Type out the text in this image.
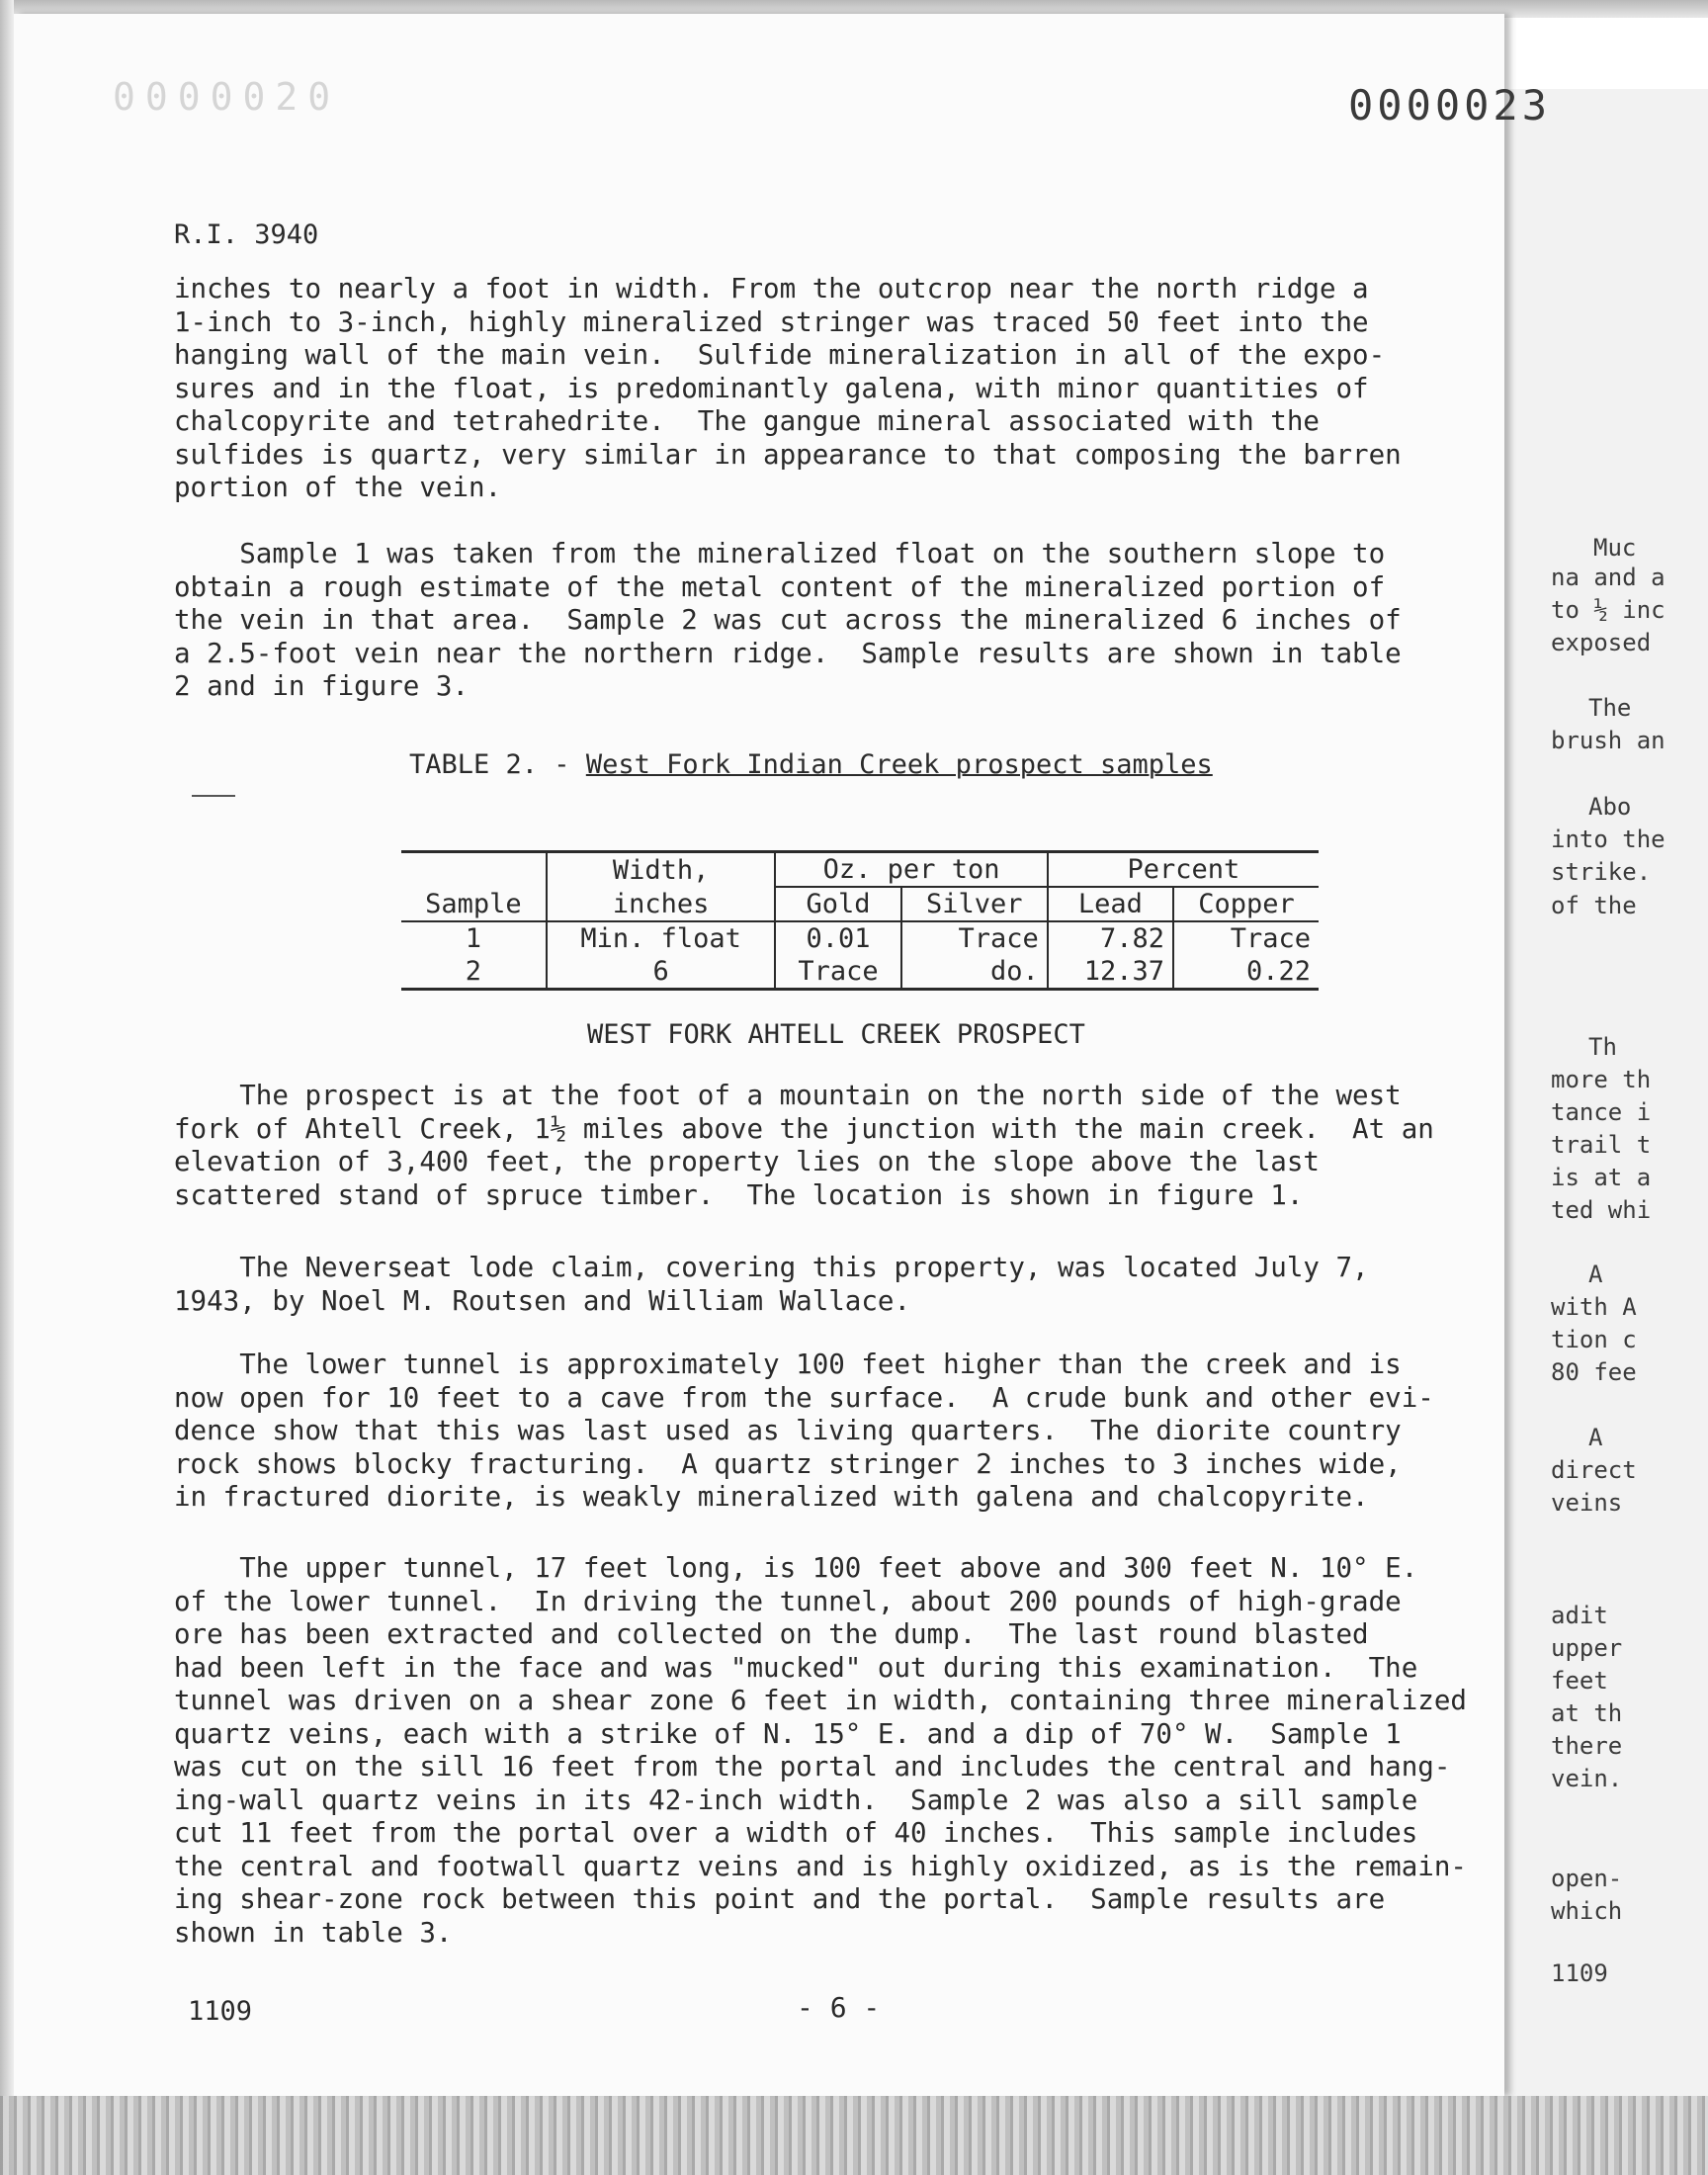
Muc
na and a
to ½ inc
exposed
The
brush an
Abo
into the
strike.
of the
Th
more th
tance i
trail t
is at a
ted whi
A
with A
tion c
80 fee
A
direct
veins
adit
upper
feet
at th
there
vein.
open-
which
1109
0000020	0000023
R.I. 3940

inches to nearly a foot in width. From the outcrop near the north ridge a

1-inch to 3-inch, highly mineralized stringer was traced 50 feet into the

hanging wall of the main vein.  Sulfide mineralization in all of the expo-

sures and in the float, is predominantly galena, with minor quantities of

chalcopyrite and tetrahedrite.  The gangue mineral associated with the

sulfides is quartz, very similar in appearance to that composing the barren

portion of the vein.

Sample 1 was taken from the mineralized float on the southern slope to

obtain a rough estimate of the metal content of the mineralized portion of

the vein in that area.  Sample 2 was cut across the mineralized 6 inches of

a 2.5-foot vein near the northern ridge.  Sample results are shown in table

2 and in figure 3.

TABLE 2. - West Fork Indian Creek prospect samples
Sample	Width,	Oz. per ton		Percent	
	inches	Gold	Silver	Lead	Copper

1	Min. float	0.01	Trace	7.82	Trace
2	6	Trace	do.	12.37	0.22
WEST FORK AHTELL CREEK PROSPECT

The prospect is at the foot of a mountain on the north side of the west

fork of Ahtell Creek, 1½ miles above the junction with the main creek.  At an

elevation of 3,400 feet, the property lies on the slope above the last

scattered stand of spruce timber.  The location is shown in figure 1.

The Neverseat lode claim, covering this property, was located July 7,

1943, by Noel M. Routsen and William Wallace.

The lower tunnel is approximately 100 feet higher than the creek and is

now open for 10 feet to a cave from the surface.  A crude bunk and other evi-

dence show that this was last used as living quarters.  The diorite country

rock shows blocky fracturing.  A quartz stringer 2 inches to 3 inches wide,

in fractured diorite, is weakly mineralized with galena and chalcopyrite.

The upper tunnel, 17 feet long, is 100 feet above and 300 feet N. 10° E.

of the lower tunnel.  In driving the tunnel, about 200 pounds of high-grade

ore has been extracted and collected on the dump.  The last round blasted

had been left in the face and was "mucked" out during this examination.  The

tunnel was driven on a shear zone 6 feet in width, containing three mineralized

quartz veins, each with a strike of N. 15° E. and a dip of 70° W.  Sample 1

was cut on the sill 16 feet from the portal and includes the central and hang-

ing-wall quartz veins in its 42-inch width.  Sample 2 was also a sill sample

cut 11 feet from the portal over a width of 40 inches.  This sample includes

the central and footwall quartz veins and is highly oxidized, as is the remain-

ing shear-zone rock between this point and the portal.  Sample results are

shown in table 3.

1109	- 6 -
